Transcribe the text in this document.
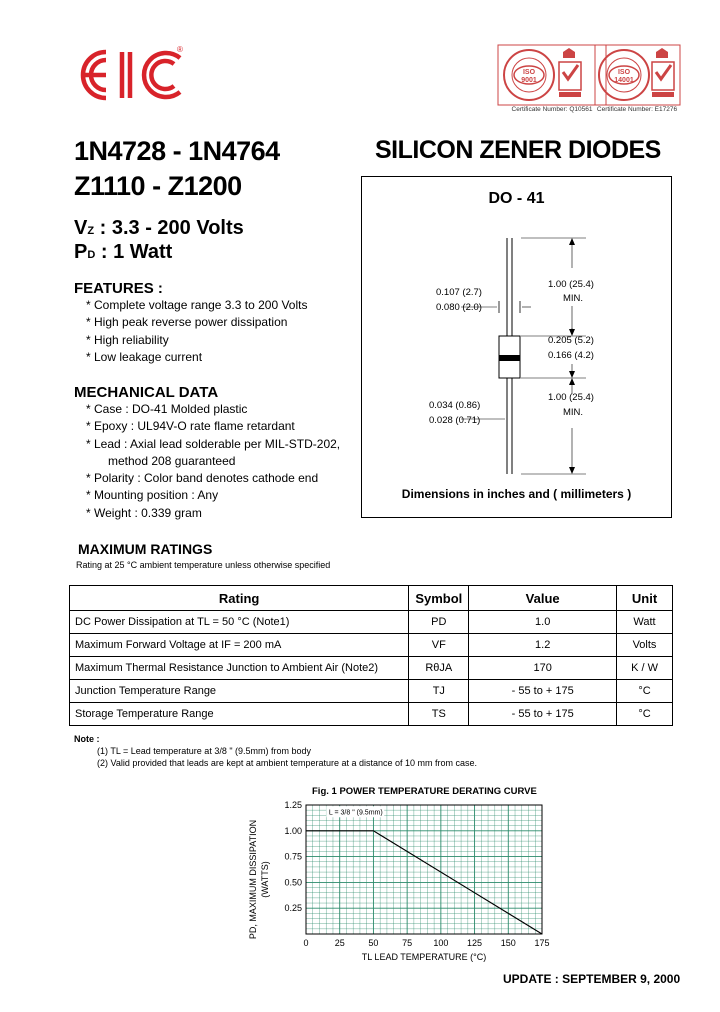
®
ISO
9001
Certificate Number: Q10561
ISO
14001
Certificate Number: E17276
1N4728 - 1N4764
Z1110 - Z1200
SILICON ZENER DIODES
VZ : 3.3 - 200 Volts
PD : 1 Watt
FEATURES :
* Complete voltage range 3.3 to 200 Volts
* High peak reverse power dissipation
* High reliability
* Low leakage current
MECHANICAL DATA
* Case : DO-41 Molded plastic
* Epoxy : UL94V-O rate flame retardant
* Lead : Axial lead solderable per MIL-STD-202,
method 208 guaranteed
* Polarity : Color band denotes cathode end
* Mounting position : Any
* Weight : 0.339 gram
DO - 41
0.107 (2.7)
0.080 (2.0)
1.00 (25.4)
MIN.
0.205 (5.2)
0.166 (4.2)
0.034 (0.86)
0.028 (0.71)
1.00 (25.4)
MIN.
Dimensions in inches and ( millimeters )
MAXIMUM RATINGS
Rating at 25 °C ambient temperature unless otherwise specified
Rating	Symbol	Value	Unit
DC Power Dissipation at TL = 50 °C (Note1)	PD	1.0	Watt
Maximum Forward Voltage at IF = 200 mA	VF	1.2	Volts
Maximum Thermal Resistance Junction to Ambient Air (Note2)	RθJA	170	K / W
Junction Temperature Range	TJ	- 55 to + 175	°C
Storage Temperature Range	TS	- 55 to + 175	°C
Note :
(1) TL = Lead temperature at 3/8 " (9.5mm) from body
(2) Valid provided that leads are kept at ambient temperature at a distance of 10 mm from case.
Fig. 1 POWER TEMPERATURE DERATING CURVE
0	25	50	75 100 125 150 175
0.25
0.50
0.75
1.00
1.25
TL LEAD TEMPERATURE (°C)
PD, MAXIMUM DISSIPATION (WATTS)
L = 3/8 " (9.5mm)
UPDATE : SEPTEMBER 9, 2000
